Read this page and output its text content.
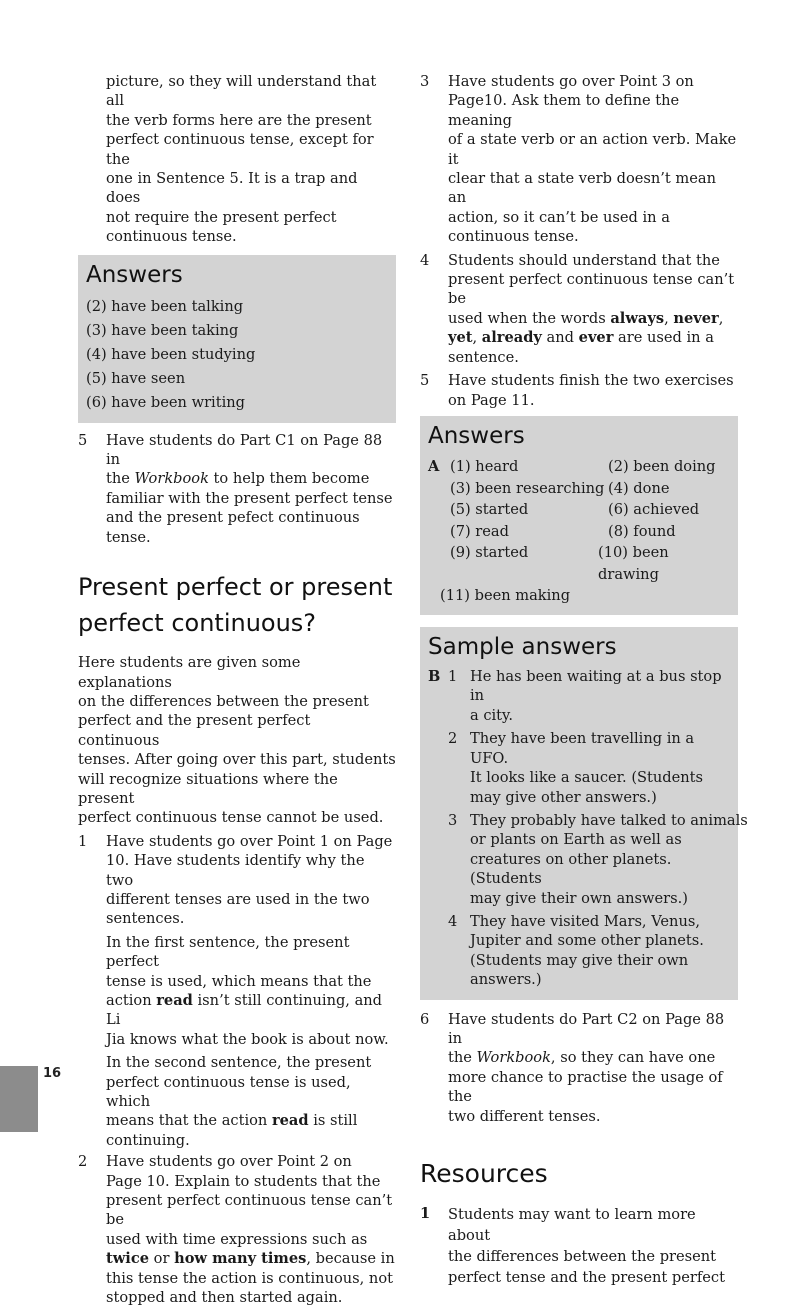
picture, so they will understand that all

the verb forms here are the present

perfect continuous tense, except for the

one in Sentence 5. It is a trap and does

not require the present perfect

continuous tense.

Answers
(2) have been talking
(3) have been taking
(4) have been studying
(5) have seen
(6) have been writing
5 Have students do Part C1 on Page 88 in

the Workbook to help them become

familiar with the present perfect tense

and the present pefect continuous tense.

Present perfect or present
perfect continuous?

Here students are given some explanations

on the differences between the present

perfect and the present perfect continuous

tenses. After going over this part, students

will recognize situations where the present

perfect continuous tense cannot be used.

1 Have students go over Point 1 on Page

10. Have students identify why the two

different tenses are used in the two

sentences.

In the first sentence, the present perfect

tense is used, which means that the

action read isn’t still continuing, and Li

Jia knows what the book is about now.

In the second sentence, the present

perfect continuous tense is used, which

means that the action read is still

continuing.

2 Have students go over Point 2 on

Page 10. Explain to students that the

present perfect continuous tense can’t be

used with time expressions such as

twice or how many times, because in

this tense the action is continuous, not

stopped and then started again.

3 Have students go over Point 3 on

Page10. Ask them to define the meaning

of a state verb or an action verb. Make it

clear that a state verb doesn’t mean an

action, so it can’t be used in a

continuous tense.

4 Students should understand that the

present perfect continuous tense can’t be

used when the words always, never,

yet, already and ever are used in a

sentence.

5 Have students finish the two exercises

on Page 11.

Answers
A (1) heard	(2) been doing
(3) been researching (4) done
(5) started	(6) achieved
(7) read	(8) found
(9) started	(10) been drawing
(11) been making
Sample answers
B 1 He has been waiting at a bus stop in

a city.

2 They have been travelling in a UFO.

It looks like a saucer. (Students

may give other answers.)

3 They probably have talked to animals

or plants on Earth as well as

creatures on other planets. (Students

may give their own answers.)

4 They have visited Mars, Venus,

Jupiter and some other planets.

(Students may give their own

answers.)

6 Have students do Part C2 on Page 88 in

the Workbook, so they can have one

more chance to practise the usage of the

two different tenses.

Resources
1 Students may want to learn more about

the differences between the present

perfect tense and the present perfect

16
